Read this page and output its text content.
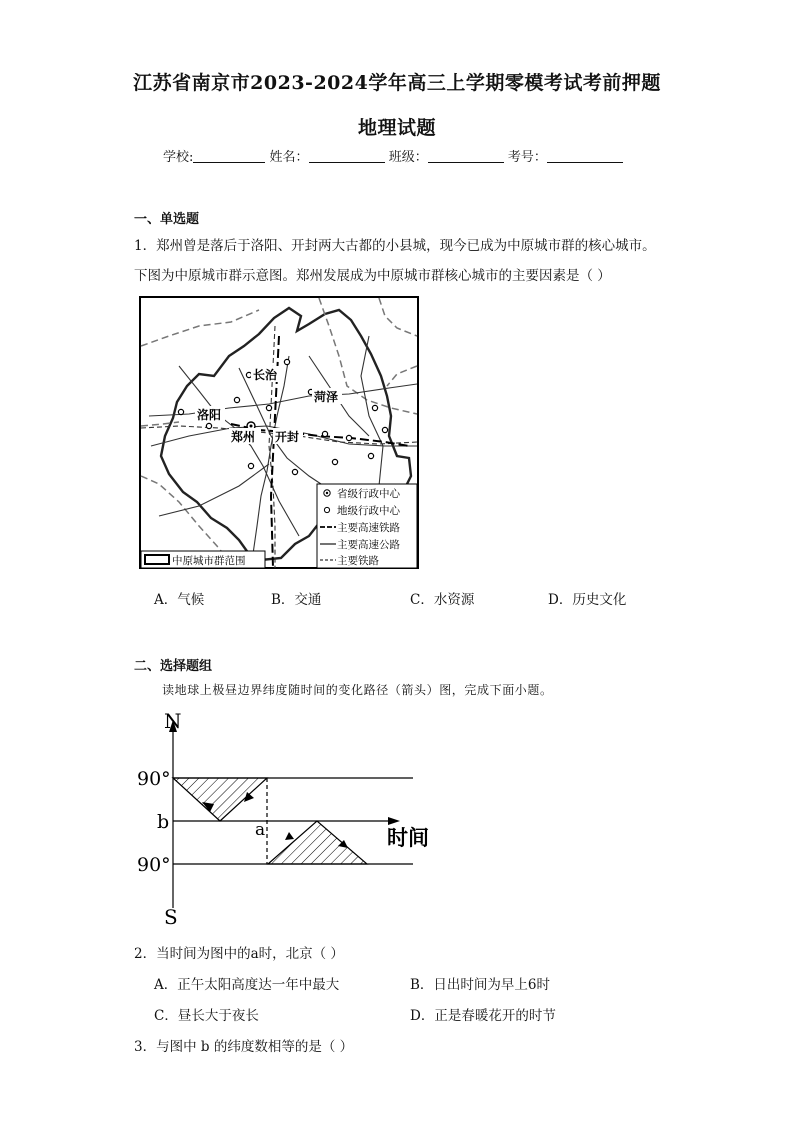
江苏省南京市2023-2024学年高三上学期零模考试考前押题
地理试题
学校:	姓名：	班级：	考号：
一、单选题
1．郑州曾是落后于洛阳、开封两大古都的小县城，现今已成为中原城市群的核心城市。
下图为中原城市群示意图。郑州发展成为中原城市群核心城市的主要因素是（ ）
长治
菏泽
洛阳
郑州 开封
省级行政中心
地级行政中心
主要高速铁路
主要高速公路
主要铁路
中原城市群范围
A．气候	B．交通	C．水资源	D．历史文化
二、选择题组
读地球上极昼边界纬度随时间的变化路径（箭头）图，完成下面小题。
N
S
90°
b
90°
a	时间
2．当时间为图中的a时，北京（ ）
A．正午太阳高度达一年中最大	B．日出时间为早上6时
C．昼长大于夜长	D．正是春暖花开的时节
3．与图中 b 的纬度数相等的是（ ）
